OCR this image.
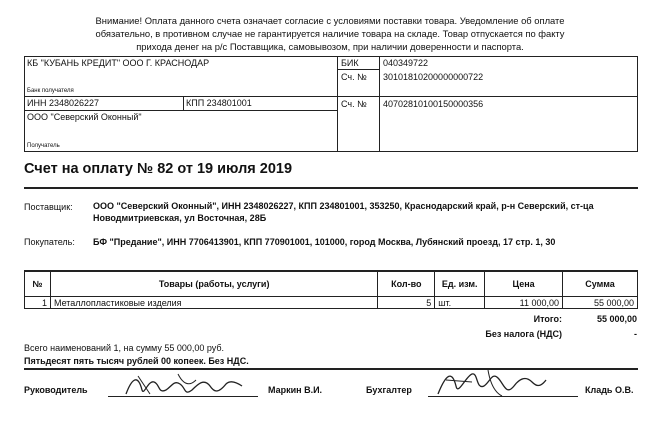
Внимание! Оплата данного счета означает согласие с условиями поставки товара. Уведомление об оплате
обязательно, в противном случае не гарантируется наличие товара на складе. Товар отпускается по факту
прихода денег на р/с Поставщика, самовывозом, при наличии доверенности и паспорта.
КБ "КУБАНЬ КРЕДИТ" ООО Г. КРАСНОДАР
Банк получателя
БИК	040349722
Сч. № 30101810200000000722
ИНН 2348026227	КПП 234801001	Сч. № 40702810100150000356
ООО "Северский Оконный"
Получатель
Счет на оплату № 82 от 19 июля 2019
Поставщик: ООО "Северский Оконный", ИНН 2348026227, КПП 234801001, 353250, Краснодарский край, р-н Северский, ст-ца
Новодмитриевская, ул Восточная, 28Б
Покупатель: БФ "Предание", ИНН 7706413901, КПП 770901001, 101000, город Москва, Лубянский проезд, 17 стр. 1, 30
№	Товары (работы, услуги)	Кол-во	Ед. изм.	Цена	Сумма
1	Металлопластиковые изделия	5	шт.	11 000,00	55 000,00
Итого:	55 000,00
Без налога (НДС)	-
Всего наименований 1, на сумму 55 000,00 руб.
Пятьдесят пять тысяч рублей 00 копеек. Без НДС.
Руководитель	Маркин В.И.	Бухгалтер	Кладь О.В.
